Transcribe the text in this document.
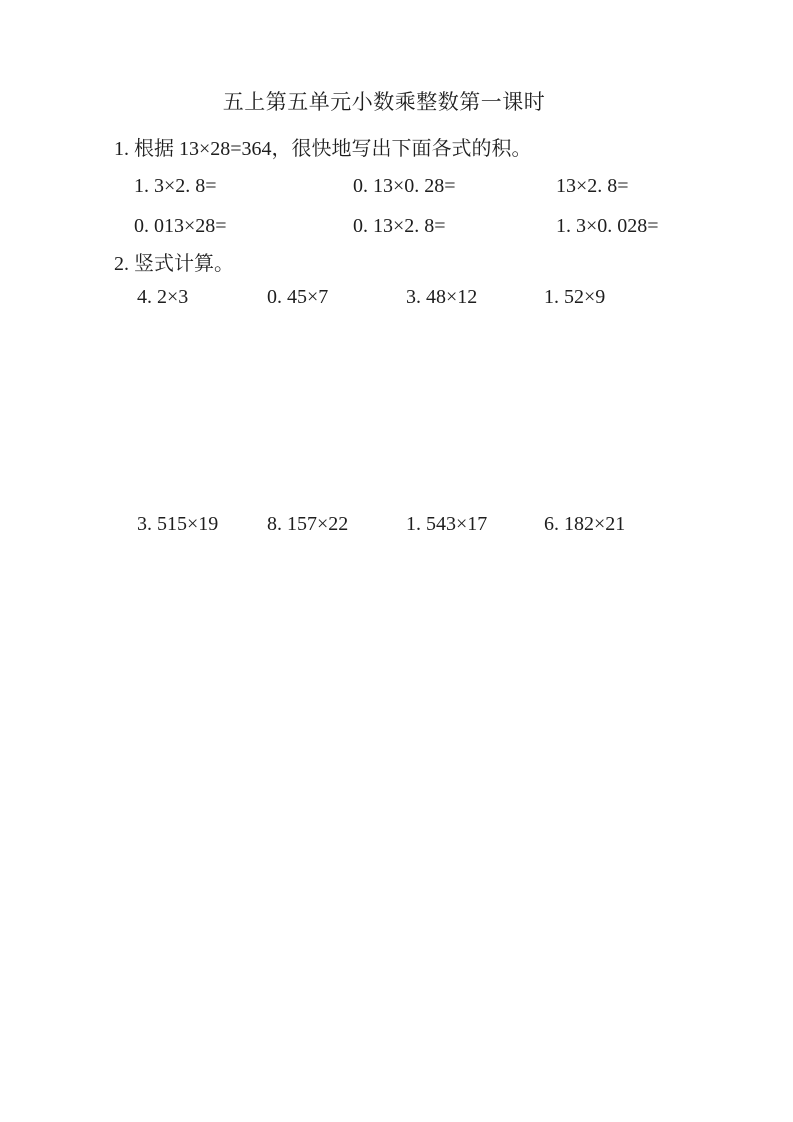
五上第五单元小数乘整数第一课时
1. 根据 13×28=364，很快地写出下面各式的积。
1. 3×2. 8=	0. 13×0. 28=	13×2. 8=
0. 013×28=	0. 13×2. 8=	1. 3×0. 028=
2. 竖式计算。
4. 2×3	0. 45×7	3. 48×12	1. 52×9
3. 515×19 8. 157×22	1. 543×17	6. 182×21
